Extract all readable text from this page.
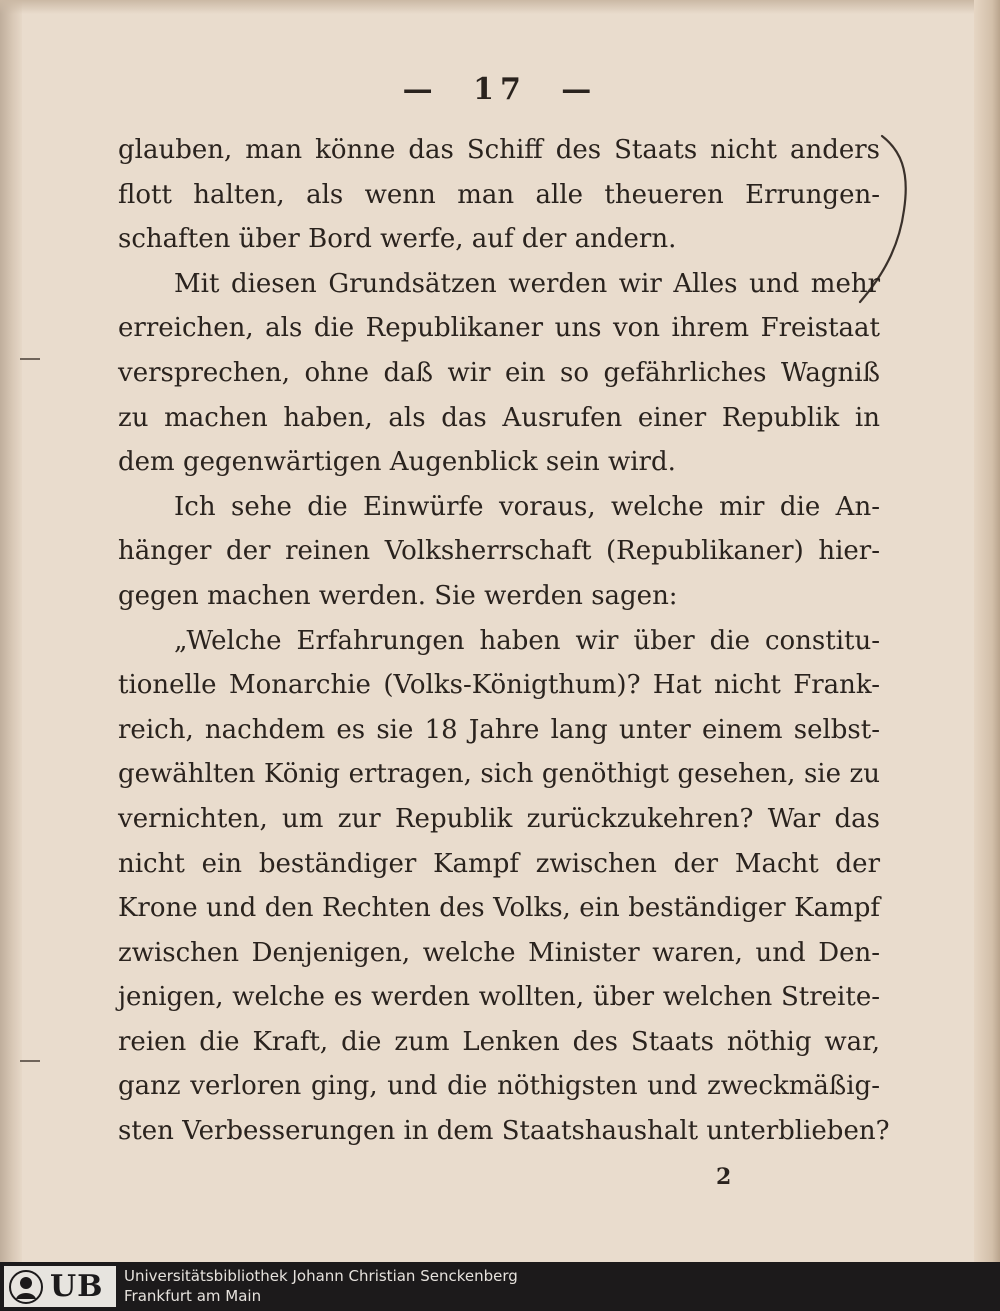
— 17 —
glauben, man könne das Schiff des Staats nicht anders
flott halten, als wenn man alle theueren Errungen-
schaften über Bord werfe, auf der andern.
Mit diesen Grundsätzen werden wir Alles und mehr
erreichen, als die Republikaner uns von ihrem Freistaat
versprechen, ohne daß wir ein so gefährliches Wagniß
zu machen haben, als das Ausrufen einer Republik in
dem gegenwärtigen Augenblick sein wird.
Ich sehe die Einwürfe voraus, welche mir die An-
hänger der reinen Volksherrschaft (Republikaner) hier-
gegen machen werden. Sie werden sagen:
„Welche Erfahrungen haben wir über die constitu-
tionelle Monarchie (Volks-Königthum)? Hat nicht Frank-
reich, nachdem es sie 18 Jahre lang unter einem selbst-
gewählten König ertragen, sich genöthigt gesehen, sie zu
vernichten, um zur Republik zurückzukehren? War das
nicht ein beständiger Kampf zwischen der Macht der
Krone und den Rechten des Volks, ein beständiger Kampf
zwischen Denjenigen, welche Minister waren, und Den-
jenigen, welche es werden wollten, über welchen Streite-
reien die Kraft, die zum Lenken des Staats nöthig war,
ganz verloren ging, und die nöthigsten und zweckmäßig-
sten Verbesserungen in dem Staatshaushalt unterblieben?
2
UB Universitätsbibliothek Johann Christian Senckenberg
Frankfurt am Main
